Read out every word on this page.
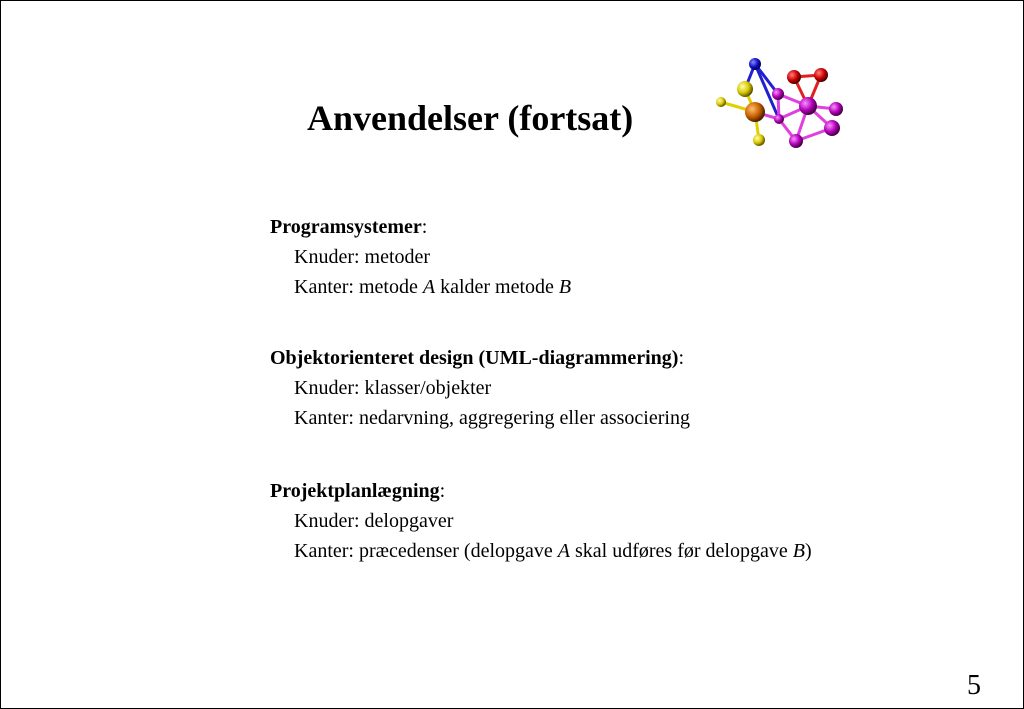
Anvendelser (fortsat)
Programsystemer:
Knuder: metoder
Kanter: metode A kalder metode B
Objektorienteret design (UML-diagrammering):
Knuder: klasser/objekter
Kanter: nedarvning, aggregering eller associering
Projektplanlægning:
Knuder: delopgaver
Kanter: præcedenser (delopgave A skal udføres før delopgave B)
5
